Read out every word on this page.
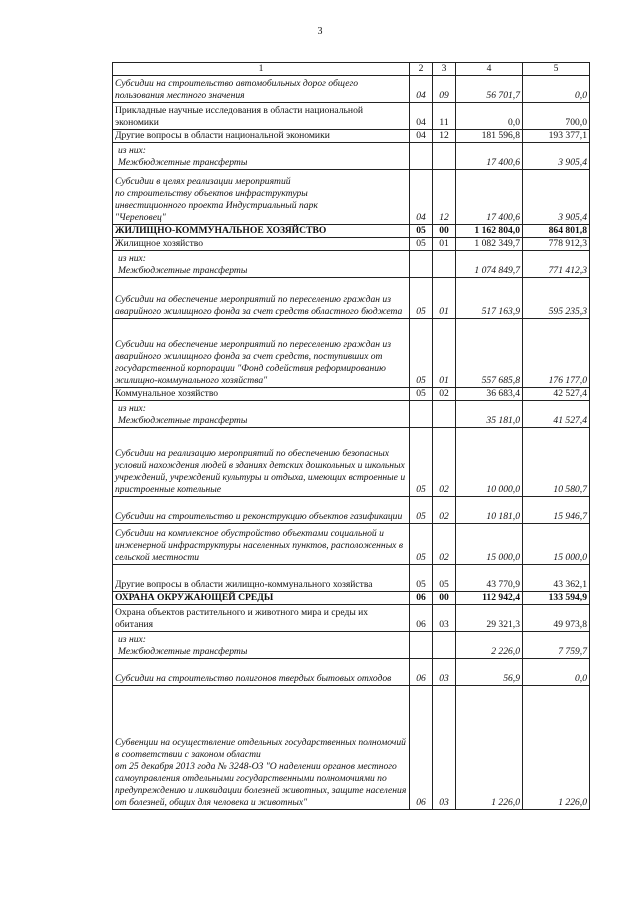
3
1	2	3	4	5
Субсидии на строительство автомобильных дорог общего пользования местного значения	04	09	56 701,7	0,0
Прикладные научные исследования в области национальной экономики	04	11	0,0	700,0
Другие вопросы в области национальной экономики	04	12	181 596,8	193 377,1
из них:
Межбюджетные трансферты			17 400,6	3 905,4
Субсидии в целях реализации мероприятий
по строительству объектов инфраструктуры
инвестиционного проекта Индустриальный парк
"Череповец"	04	12	17 400,6	3 905,4
ЖИЛИЩНО-КОММУНАЛЬНОЕ ХОЗЯЙСТВО	05	00	1 162 804,0	864 801,8
Жилищное хозяйство	05	01	1 082 349,7	778 912,3
из них:
Межбюджетные трансферты			1 074 849,7	771 412,3
Субсидии на обеспечение мероприятий по переселению граждан из аварийного жилищного фонда за счет средств областного бюджета	05	01	517 163,9	595 235,3
Субсидии на обеспечение мероприятий по переселению граждан из аварийного жилищного фонда за счет средств, поступивших от государственной корпорации "Фонд содействия реформированию жилищно-коммунального хозяйства"	05	01	557 685,8	176 177,0
Коммунальное хозяйство	05	02	36 683,4	42 527,4
из них:
Межбюджетные трансферты			35 181,0	41 527,4
Субсидии на реализацию мероприятий по обеспечению безопасных условий нахождения людей в зданиях детских дошкольных и школьных учреждений, учреждений культуры и отдыха, имеющих встроенные и пристроенные котельные	05	02	10 000,0	10 580,7
Субсидии на строительство и реконструкцию объектов газификации	05	02	10 181,0	15 946,7
Субсидии на комплексное обустройство объектами социальной и инженерной инфраструктуры населенных пунктов, расположенных в сельской местности	05	02	15 000,0	15 000,0
Другие вопросы в области жилищно-коммунального хозяйства	05	05	43 770,9	43 362,1
ОХРАНА ОКРУЖАЮЩЕЙ СРЕДЫ	06	00	112 942,4	133 594,9
Охрана объектов растительного и животного мира и среды их обитания	06	03	29 321,3	49 973,8
из них:
Межбюджетные трансферты			2 226,0	7 759,7
Субсидии на строительство полигонов твердых бытовых отходов	06	03	56,9	0,0
Субвенции на осуществление отдельных государственных полномочий в соответствии с законом области
от 25 декабря 2013 года № 3248-ОЗ "О наделении органов местного самоуправления отдельными государственными полномочиями по предупреждению и ликвидации болезней животных, защите населения от болезней, общих для человека и животных"	06	03	1 226,0	1 226,0
